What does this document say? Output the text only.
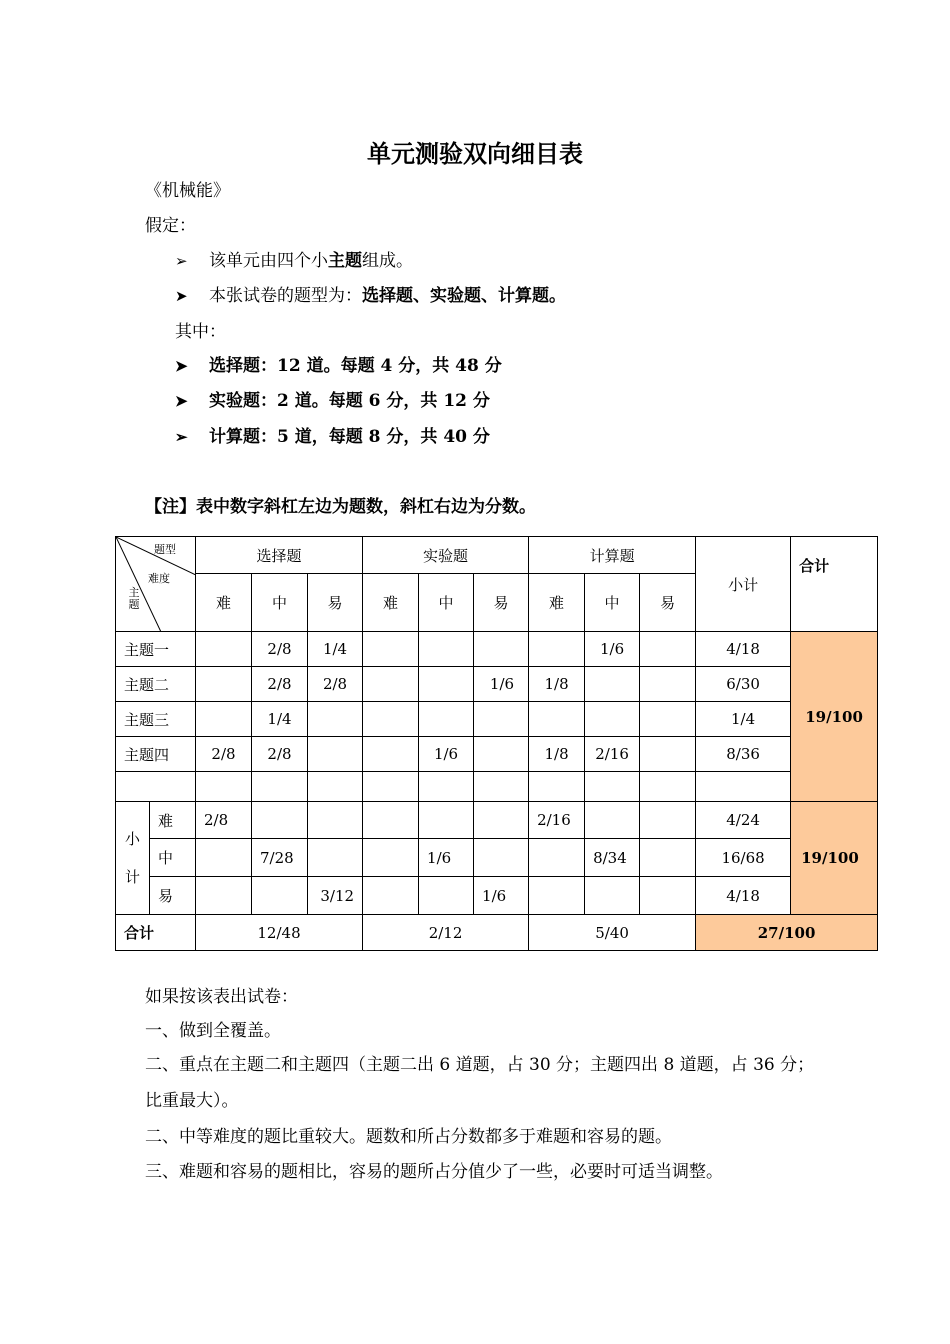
单元测验双向细目表
《机械能》
假定：
➢ 该单元由四个小主题组成。
➤ 本张试卷的题型为：选择题、实验题、计算题。
其中：
➤ 选择题：12 道。每题 4 分，共 48 分
➤ 实验题：2 道。每题 6 分，共 12 分
➢ 计算题：5 道，每题 8 分，共 40 分
【注】表中数字斜杠左边为题数，斜杠右边为分数。
题型
难度
主题		选择题			实验题			计算题			小计	合计
		难	中	易	难	中	易	难	中	易		
主题一			2/8	1/4					1/6		4/18	19/100
主题二			2/8	2/8			1/6	1/8			6/30	
主题三			1/4								1/4	
主题四		2/8	2/8			1/6		1/8	2/16		8/36	

小计	难	2/8						2/16			4/24	19/100
	中		7/28			1/6			8/34		16/68	
	易			3/12			1/6				4/18	
合计		12/48			2/12			5/40			27/100	
如果按该表出试卷：
一、做到全覆盖。
二、重点在主题二和主题四（主题二出 6 道题，占 30 分；主题四出 8 道题，占 36 分；
比重最大）。
二、中等难度的题比重较大。题数和所占分数都多于难题和容易的题。
三、难题和容易的题相比，容易的题所占分值少了一些，必要时可适当调整。
